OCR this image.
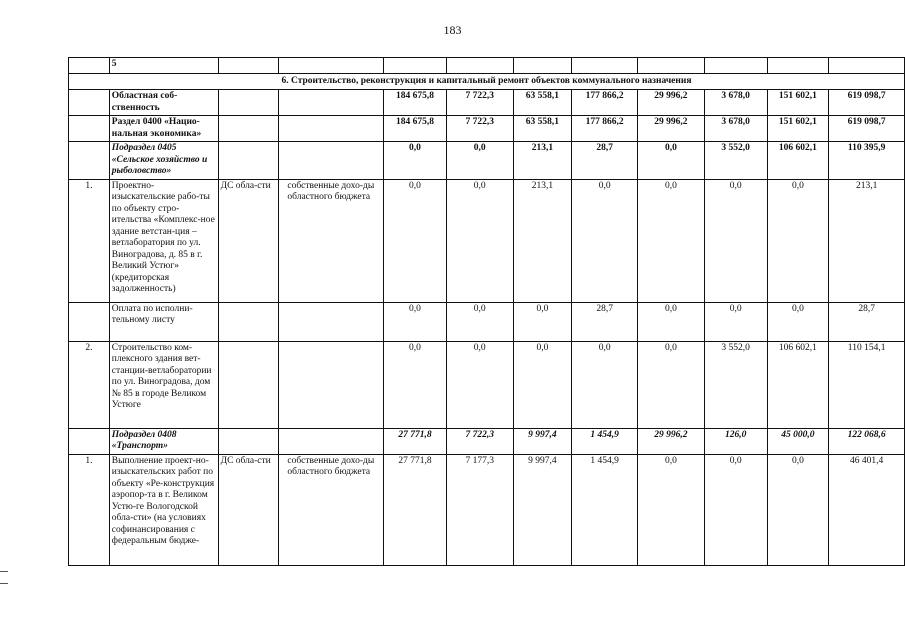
183
	5										
6. Строительство, реконструкция и капитальный ремонт объектов коммунального назначения											
	Областная соб-ственность			184 675,8	7 722,3	63 558,1	177 866,2	29 996,2	3 678,0	151 602,1	619 098,7
	Раздел 0400 «Нацио-нальная экономика»			184 675,8	7 722,3	63 558,1	177 866,2	29 996,2	3 678,0	151 602,1	619 098,7
	Подраздел 0405 «Сельское хозяйство и рыболовство»			0,0	0,0	213,1	28,7	0,0	3 552,0	106 602,1	110 395,9
1.	Проектно-изыскательские рабо-ты по объекту стро-ительства «Комплекс-ное здание ветстан-ция – ветлаборатория по ул. Виноградова, д. 85 в г. Великий Устюг» (кредиторская задолженность)	ДС обла-сти	собственные дохо-ды областного бюджета	0,0	0,0	213,1	0,0	0,0	0,0	0,0	213,1
	Оплата по исполни-тельному листу			0,0	0,0	0,0	28,7	0,0	0,0	0,0	28,7
2.	Строительство ком-плексного здания вет-станции-ветлаборатории по ул. Виноградова, дом № 85 в городе Великом Устюге			0,0	0,0	0,0	0,0	0,0	3 552,0	106 602,1	110 154,1
	Подраздел 0408 «Транспорт»			27 771,8	7 722,3	9 997,4	1 454,9	29 996,2	126,0	45 000,0	122 068,6
1.	Выполнение проект-но-изыскательских работ по объекту «Ре-конструкция аэропор-та в г. Великом Устю-ге Вологодской обла-сти» (на условиях софинансирования с федеральным бюдже-	ДС обла-сти	собственные дохо-ды областного бюджета	27 771,8	7 177,3	9 997,4	1 454,9	0,0	0,0	0,0	46 401,4
